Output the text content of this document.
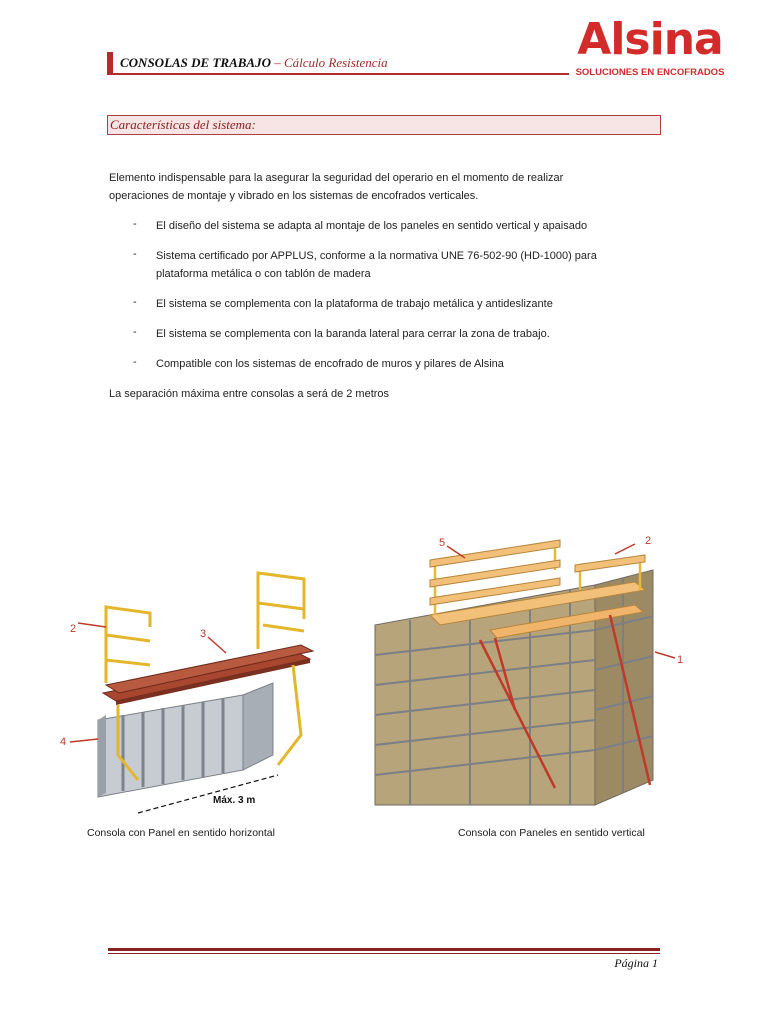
CONSOLAS DE TRABAJO – Cálculo Resistencia	Alsina
SOLUCIONES EN ENCOFRADOS
Características del sistema:
Elemento indispensable para la asegurar la seguridad del operario en el momento de realizar
operaciones de montaje y vibrado en los sistemas de encofrados verticales.
- El diseño del sistema se adapta al montaje de los paneles en sentido vertical y apaisado
- Sistema certificado por APPLUS, conforme a la normativa UNE 76-502-90 (HD-1000) para
plataforma metálica o con tablón de madera
- El sistema se complementa con la plataforma de trabajo metálica y antideslizante
- El sistema se complementa con la baranda lateral para cerrar la zona de trabajo.
- Compatible con los sistemas de encofrado de muros y pilares de Alsina
La separación máxima entre consolas a será de 2 metros
2	3
4
Máx. 3 m
Consola con Panel en sentido horizontal
5	2
1
Consola con Paneles en sentido vertical
Página 1
